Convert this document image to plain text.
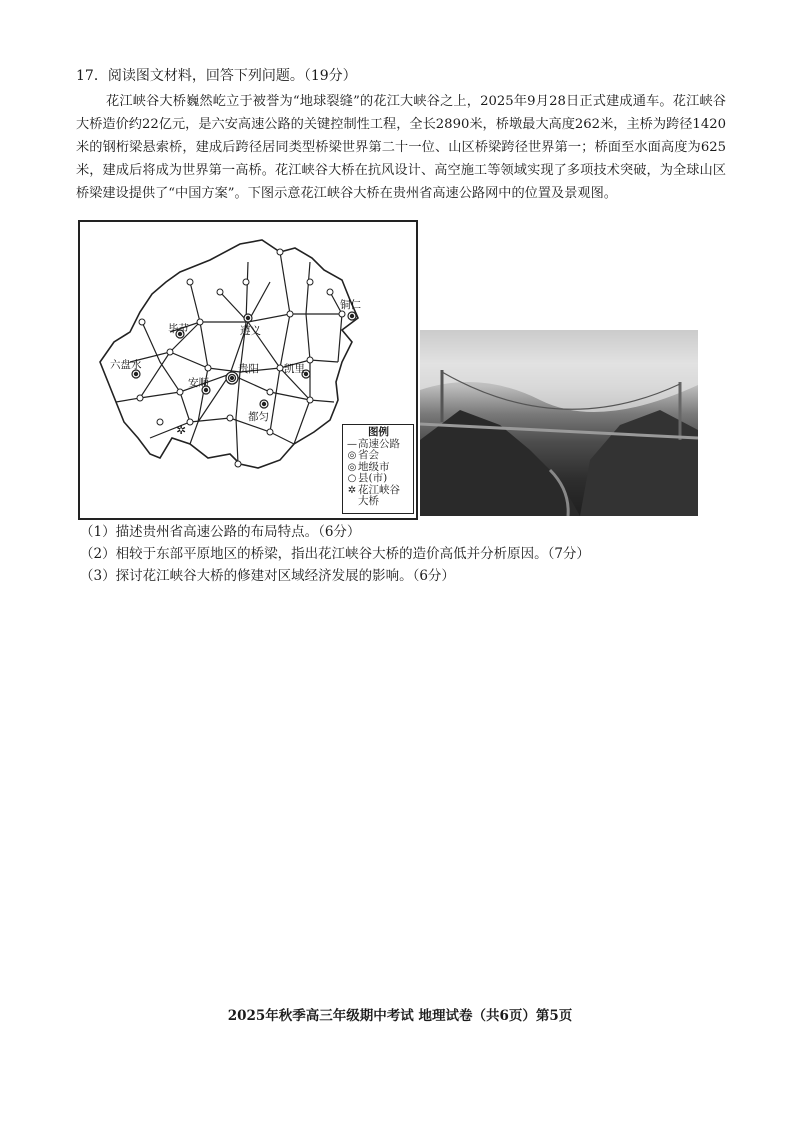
17．阅读图文材料，回答下列问题。（19分）
花江峡谷大桥巍然屹立于被誉为“地球裂缝”的花江大峡谷之上，2025年9月28日正式建成通车。花江峡谷大桥造价约22亿元，是六安高速公路的关键控制性工程，全长2890米，桥墩最大高度262米，主桥为跨径1420米的钢桁梁悬索桥，建成后跨径居同类型桥梁世界第二十一位、山区桥梁跨径世界第一；桥面至水面高度为625米，建成后将成为世界第一高桥。花江峡谷大桥在抗风设计、高空施工等领域实现了多项技术突破，为全球山区桥梁建设提供了“中国方案”。下图示意花江峡谷大桥在贵州省高速公路网中的位置及景观图。
✲
毕节	遵义
铜仁
六盘水	贵阳 凯里
安顺
都匀
图例
— 高速公路
◎ 省会
◎ 地级市
○ 县(市)
✲ 花江峡谷
大桥
（1）描述贵州省高速公路的布局特点。（6分）
（2）相较于东部平原地区的桥梁，指出花江峡谷大桥的造价高低并分析原因。（7分）
（3）探讨花江峡谷大桥的修建对区域经济发展的影响。（6分）
2025年秋季高三年级期中考试 地理试卷（共6页）第5页
